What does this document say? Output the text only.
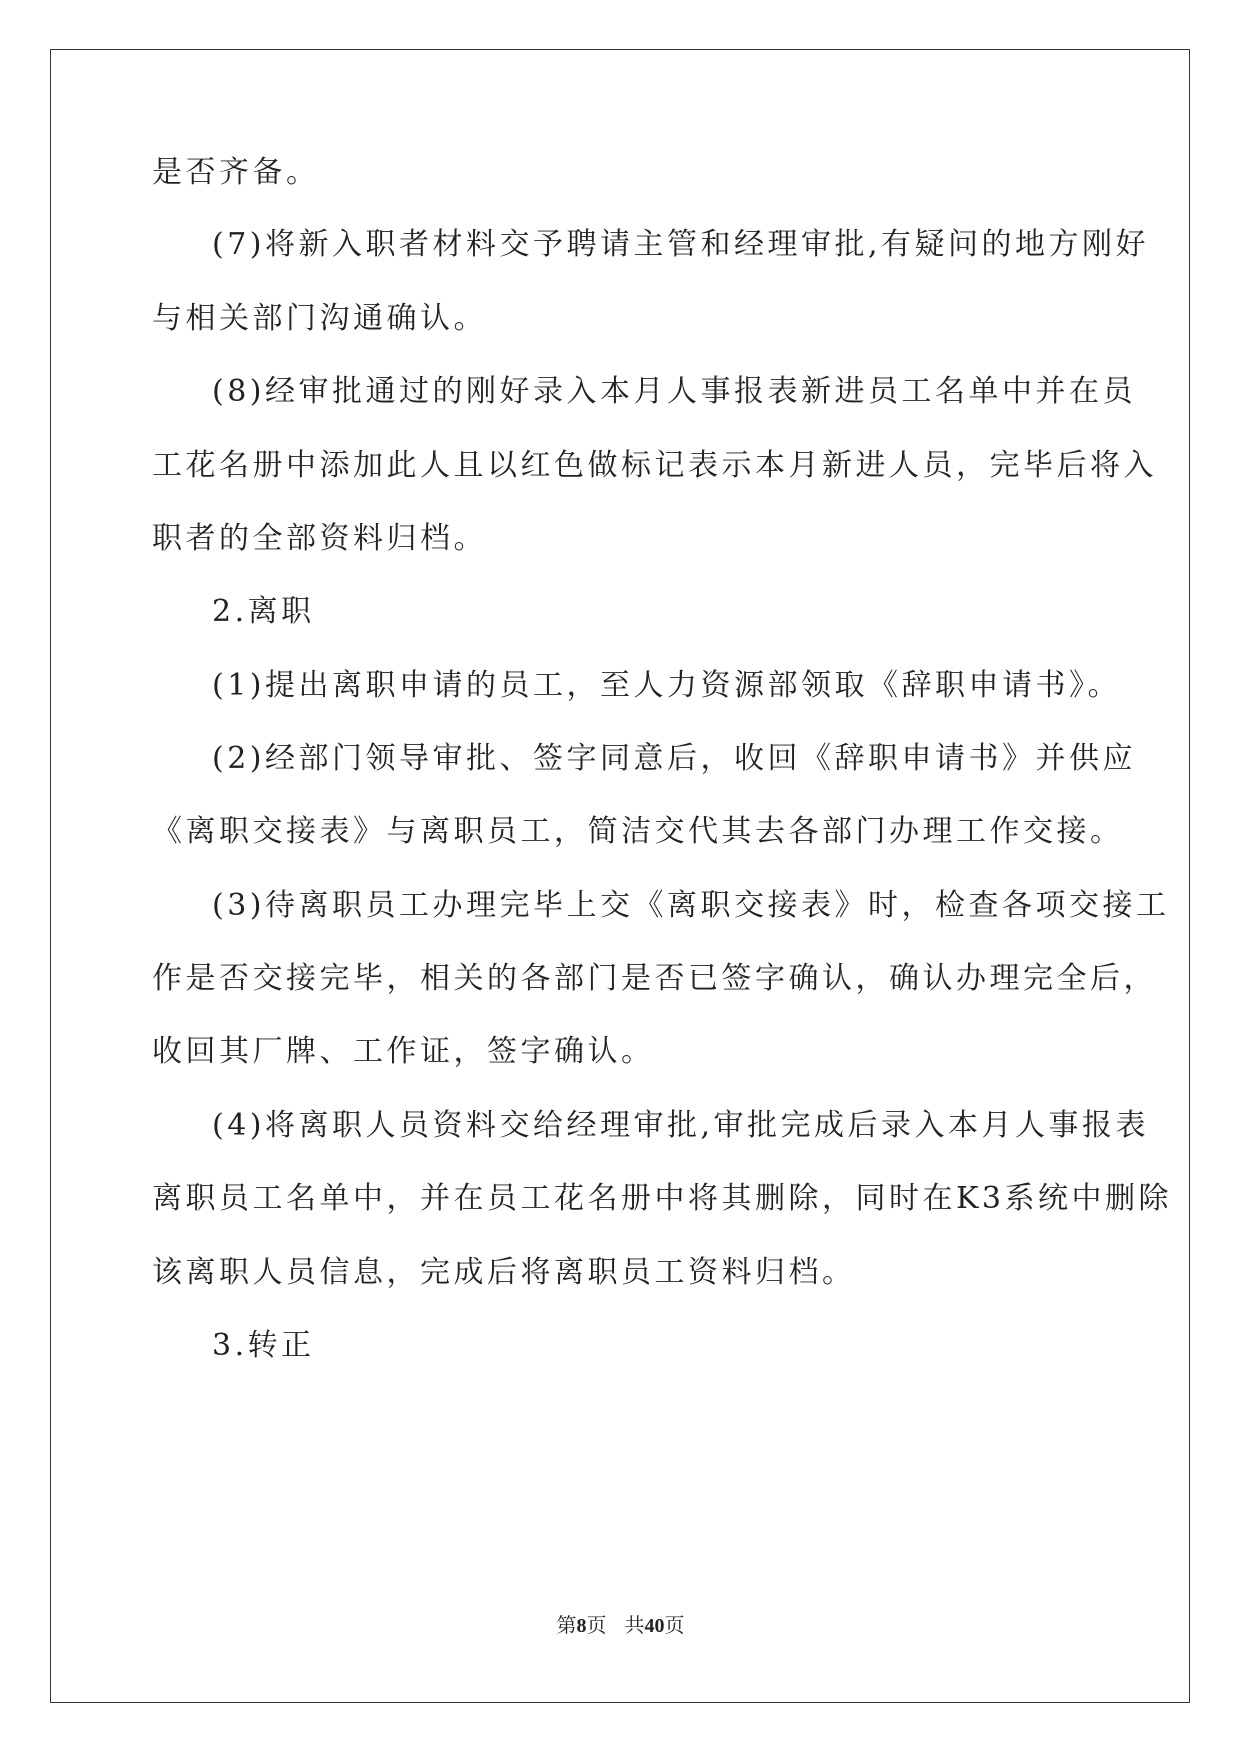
是否齐备。

(7)将新入职者材料交予聘请主管和经理审批,有疑问的地方刚好

与相关部门沟通确认。

(8)经审批通过的刚好录入本月人事报表新进员工名单中并在员

工花名册中添加此人且以红色做标记表示本月新进人员，完毕后将入

职者的全部资料归档。

2.离职

(1)提出离职申请的员工，至人力资源部领取《辞职申请书》。

(2)经部门领导审批、签字同意后，收回《辞职申请书》并供应

《离职交接表》与离职员工，简洁交代其去各部门办理工作交接。

(3)待离职员工办理完毕上交《离职交接表》时，检查各项交接工

作是否交接完毕，相关的各部门是否已签字确认，确认办理完全后，

收回其厂牌、工作证，签字确认。

(4)将离职人员资料交给经理审批,审批完成后录入本月人事报表

离职员工名单中，并在员工花名册中将其删除，同时在K3系统中删除

该离职人员信息，完成后将离职员工资料归档。

3.转正

第8页 共40页
